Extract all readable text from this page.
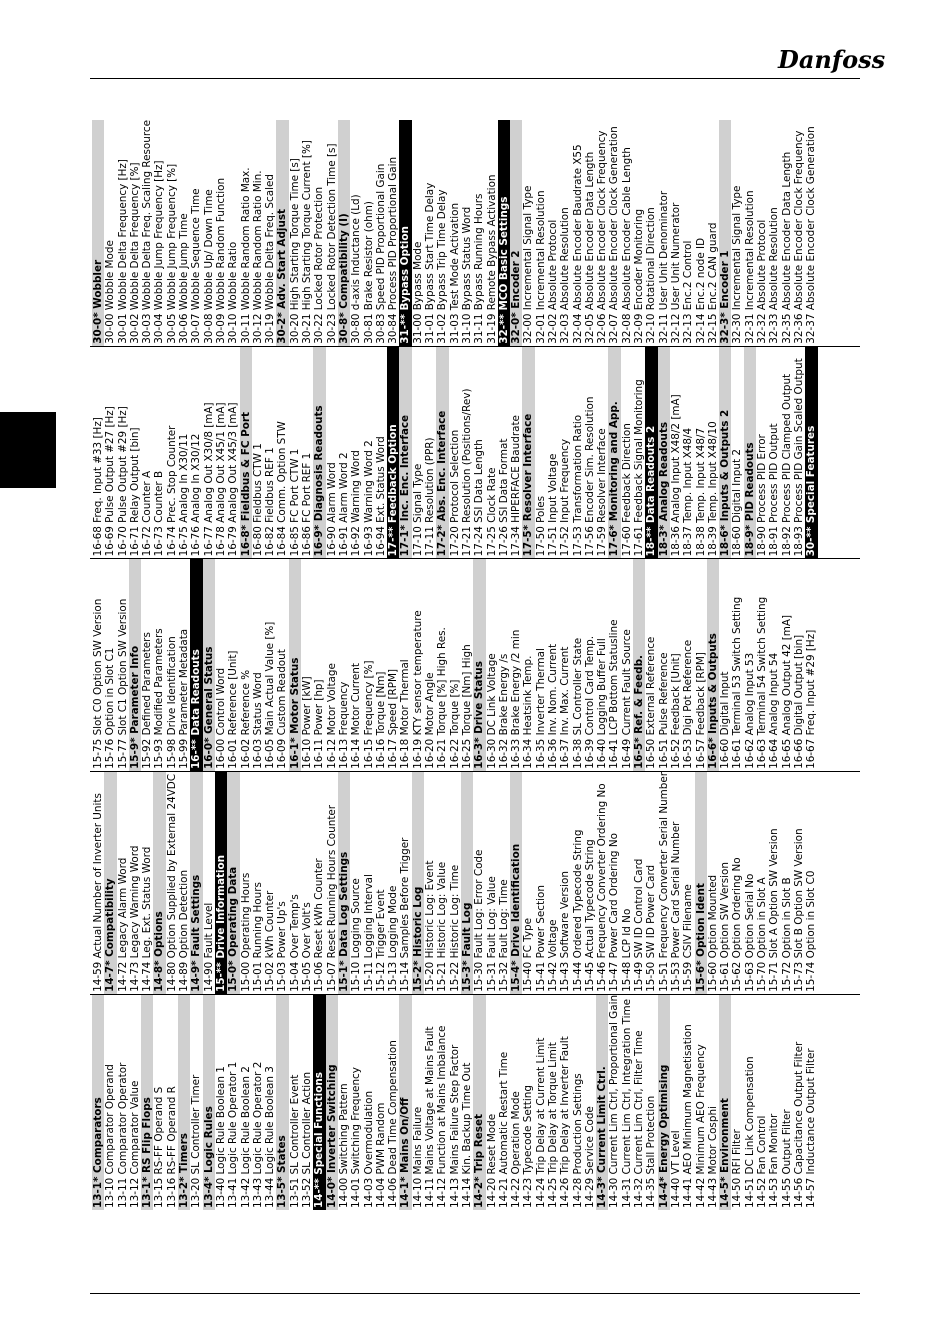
Danfoss
13-1* Comparators 13-10 Comparator Operand 13-11 Comparator Operator 13-12 Comparator Value 13-1* RS Flip Flops 13-15 RS-FF Operand S 13-16 RS-FF Operand R 13-2* Timers 13-20 SL Controller Timer 13-4* Logic Rules 13-40 Logic Rule Boolean 1 13-41 Logic Rule Operator 1 13-42 Logic Rule Boolean 2 13-43 Logic Rule Operator 2 13-44 Logic Rule Boolean 3 13-5* States 13-51 SL Controller Event 13-52 SL Controller Action 14-** Special Functions 14-0* Inverter Switching 14-00 Switching Pattern 14-01 Switching Frequency 14-03 Overmodulation 14-04 PWM Random 14-06 Dead Time Compensation 14-1* Mains On/Off 14-10 Mains Failure 14-11 Mains Voltage at Mains Fault 14-12 Function at Mains Imbalance 14-13 Mains Failure Step Factor 14-14 Kin. Backup Time Out 14-2* Trip Reset 14-20 Reset Mode 14-21 Automatic Restart Time 14-22 Operation Mode 14-23 Typecode Setting 14-24 Trip Delay at Current Limit 14-25 Trip Delay at Torque Limit 14-26 Trip Delay at Inverter Fault 14-28 Production Settings 14-29 Service Code 14-3* Current Limit Ctrl. 14-30 Current Lim Ctrl, Proportional Gain 14-31 Current Lim Ctrl, Integration Time 14-32 Current Lim Ctrl, Filter Time 14-35 Stall Protection 14-4* Energy Optimising 14-40 VT Level 14-41 AEO Minimum Magnetisation 14-42 Minimum AEO Frequency 14-43 Motor Cosphi 14-5* Environment 14-50 RFI Filter 14-51 DC Link Compensation 14-52 Fan Control 14-53 Fan Monitor 14-55 Output Filter 14-56 Capacitance Output Filter 14-57 Inductance Output Filter
14-59 Actual Number of Inverter Units 14-7* Compatibility 14-72 Legacy Alarm Word 14-73 Legacy Warning Word 14-74 Leg. Ext. Status Word 14-8* Options 14-80 Option Supplied by External 24VDC 14-89 Option Detection 14-9* Fault Settings 14-90 Fault Level 15-** Drive Information 15-0* Operating Data 15-00 Operating Hours 15-01 Running Hours 15-02 kWh Counter 15-03 Power Up's 15-04 Over Temp's 15-05 Over Volt's 15-06 Reset kWh Counter 15-07 Reset Running Hours Counter 15-1* Data Log Settings 15-10 Logging Source 15-11 Logging Interval 15-12 Trigger Event 15-13 Logging Mode 15-14 Samples Before Trigger 15-2* Historic Log 15-20 Historic Log: Event 15-21 Historic Log: Value 15-22 Historic Log: Time 15-3* Fault Log 15-30 Fault Log: Error Code 15-31 Fault Log: Value 15-32 Fault Log: Time 15-4* Drive Identification 15-40 FC Type 15-41 Power Section 15-42 Voltage 15-43 Software Version 15-44 Ordered Typecode String 15-45 Actual Typecode String 15-46 Frequency Converter Ordering No 15-47 Power Card Ordering No 15-48 LCP Id No 15-49 SW ID Control Card 15-50 SW ID Power Card 15-51 Frequency Converter Serial Number 15-53 Power Card Serial Number 15-59 CSIV Filename 15-6* Option Ident 15-60 Option Mounted 15-61 Option SW Version 15-62 Option Ordering No 15-63 Option Serial No 15-70 Option in Slot A 15-71 Slot A Option SW Version 15-72 Option in Slot B 15-73 Slot B Option SW Version 15-74 Option in Slot C0
15-75 Slot C0 Option SW Version 15-76 Option in Slot C1 15-77 Slot C1 Option SW Version 15-9* Parameter Info 15-92 Defined Parameters 15-93 Modified Parameters 15-98 Drive Identification 15-99 Parameter Metadata 16-** Data Readouts 16-0* General Status 16-00 Control Word 16-01 Reference [Unit] 16-02 Reference % 16-03 Status Word 16-05 Main Actual Value [%] 16-09 Custom Readout 16-1* Motor Status 16-10 Power [kW] 16-11 Power [hp] 16-12 Motor Voltage 16-13 Frequency 16-14 Motor Current 16-15 Frequency [%] 16-16 Torque [Nm] 16-17 Speed [RPM] 16-18 Motor Thermal 16-19 KTY sensor temperature 16-20 Motor Angle 16-21 Torque [%] High Res. 16-22 Torque [%] 16-25 Torque [Nm] High 16-3* Drive Status 16-30 DC Link Voltage 16-32 Brake Energy /s 16-33 Brake Energy /2 min 16-34 Heatsink Temp. 16-35 Inverter Thermal 16-36 Inv. Nom. Current 16-37 Inv. Max. Current 16-38 SL Controller State 16-39 Control Card Temp. 16-40 Logging Buffer Full 16-41 LCP Bottom Statusline 16-49 Current Fault Source 16-5* Ref. & Feedb. 16-50 External Reference 16-51 Pulse Reference 16-52 Feedback [Unit] 16-53 Digi Pot Reference 16-57 Feedback [RPM] 16-6* Inputs & Outputs 16-60 Digital Input 16-61 Terminal 53 Switch Setting 16-62 Analog Input 53 16-63 Terminal 54 Switch Setting 16-64 Analog Input 54 16-65 Analog Output 42 [mA] 16-66 Digital Output [bin] 16-67 Freq. Input #29 [Hz]
16-68 Freq. Input #33 [Hz] 16-69 Pulse Output #27 [Hz] 16-70 Pulse Output #29 [Hz] 16-71 Relay Output [bin] 16-72 Counter A 16-73 Counter B 16-74 Prec. Stop Counter 16-75 Analog In X30/11 16-76 Analog In X30/12 16-77 Analog Out X30/8 [mA] 16-78 Analog Out X45/1 [mA] 16-79 Analog Out X45/3 [mA] 16-8* Fieldbus & FC Port 16-80 Fieldbus CTW 1 16-82 Fieldbus REF 1 16-84 Comm. Option STW 16-85 FC Port CTW 1 16-86 FC Port REF 1 16-9* Diagnosis Readouts 16-90 Alarm Word 16-91 Alarm Word 2 16-92 Warning Word 16-93 Warning Word 2 16-94 Ext. Status Word 17-** Feedback Option 17-1* Inc. Enc. Interface 17-10 Signal Type 17-11 Resolution (PPR) 17-2* Abs. Enc. Interface 17-20 Protocol Selection 17-21 Resolution (Positions/Rev) 17-24 SSI Data Length 17-25 Clock Rate 17-26 SSI Data Format 17-34 HIPERFACE Baudrate 17-5* Resolver Interface 17-50 Poles 17-51 Input Voltage 17-52 Input Frequency 17-53 Transformation Ratio 17-56 Encoder Sim. Resolution 17-59 Resolver Interface 17-6* Monitoring and App. 17-60 Feedback Direction 17-61 Feedback Signal Monitoring 18-** Data Readouts 2 18-3* Analog Readouts 18-36 Analog Input X48/2 [mA] 18-37 Temp. Input X48/4 18-38 Temp. Input X48/7 18-39 Temp. Input X48/10 18-6* Inputs & Outputs 2 18-60 Digital Input 2 18-9* PID Readouts 18-90 Process PID Error 18-91 Process PID Output 18-92 Process PID Clamped Output 18-93 Process PID Gain Scaled Output 30-** Special Features
30-0* Wobbler 30-00 Wobble Mode 30-01 Wobble Delta Frequency [Hz] 30-02 Wobble Delta Frequency [%] 30-03 Wobble Delta Freq. Scaling Resource 30-04 Wobble Jump Frequency [Hz] 30-05 Wobble Jump Frequency [%] 30-06 Wobble Jump Time 30-07 Wobble Sequence Time 30-08 Wobble Up/ Down Time 30-09 Wobble Random Function 30-10 Wobble Ratio 30-11 Wobble Random Ratio Max. 30-12 Wobble Random Ratio Min. 30-19 Wobble Delta Freq. Scaled 30-2* Adv. Start Adjust 30-20 High Starting Torque Time [s] 30-21 High Starting Torque Current [%] 30-22 Locked Rotor Protection 30-23 Locked Rotor Detection Time [s] 30-8* Compatibility (I) 30-80 d-axis Inductance (Ld) 30-81 Brake Resistor (ohm) 30-83 Speed PID Proportional Gain 30-84 Process PID Proportional Gain 31-** Bypass Option 31-00 Bypass Mode 31-01 Bypass Start Time Delay 31-02 Bypass Trip Time Delay 31-03 Test Mode Activation 31-10 Bypass Status Word 31-11 Bypass Running Hours 31-19 Remote Bypass Activation 32-** MCO Basic Settings 32-0* Encoder 2 32-00 Incremental Signal Type 32-01 Incremental Resolution 32-02 Absolute Protocol 32-03 Absolute Resolution 32-04 Absolute Encoder Baudrate X55 32-05 Absolute Encoder Data Length 32-06 Absolute Encoder Clock Frequency 32-07 Absolute Encoder Clock Generation 32-08 Absolute Encoder Cable Length 32-09 Encoder Monitoring 32-10 Rotational Direction 32-11 User Unit Denominator 32-12 User Unit Numerator 32-13 Enc.2 Control 32-14 Enc.2 node ID 32-15 Enc.2 CAN guard 32-3* Encoder 1 32-30 Incremental Signal Type 32-31 Incremental Resolution 32-32 Absolute Protocol 32-33 Absolute Resolution 32-35 Absolute Encoder Data Length 32-36 Absolute Encoder Clock Frequency 32-37 Absolute Encoder Clock Generation
